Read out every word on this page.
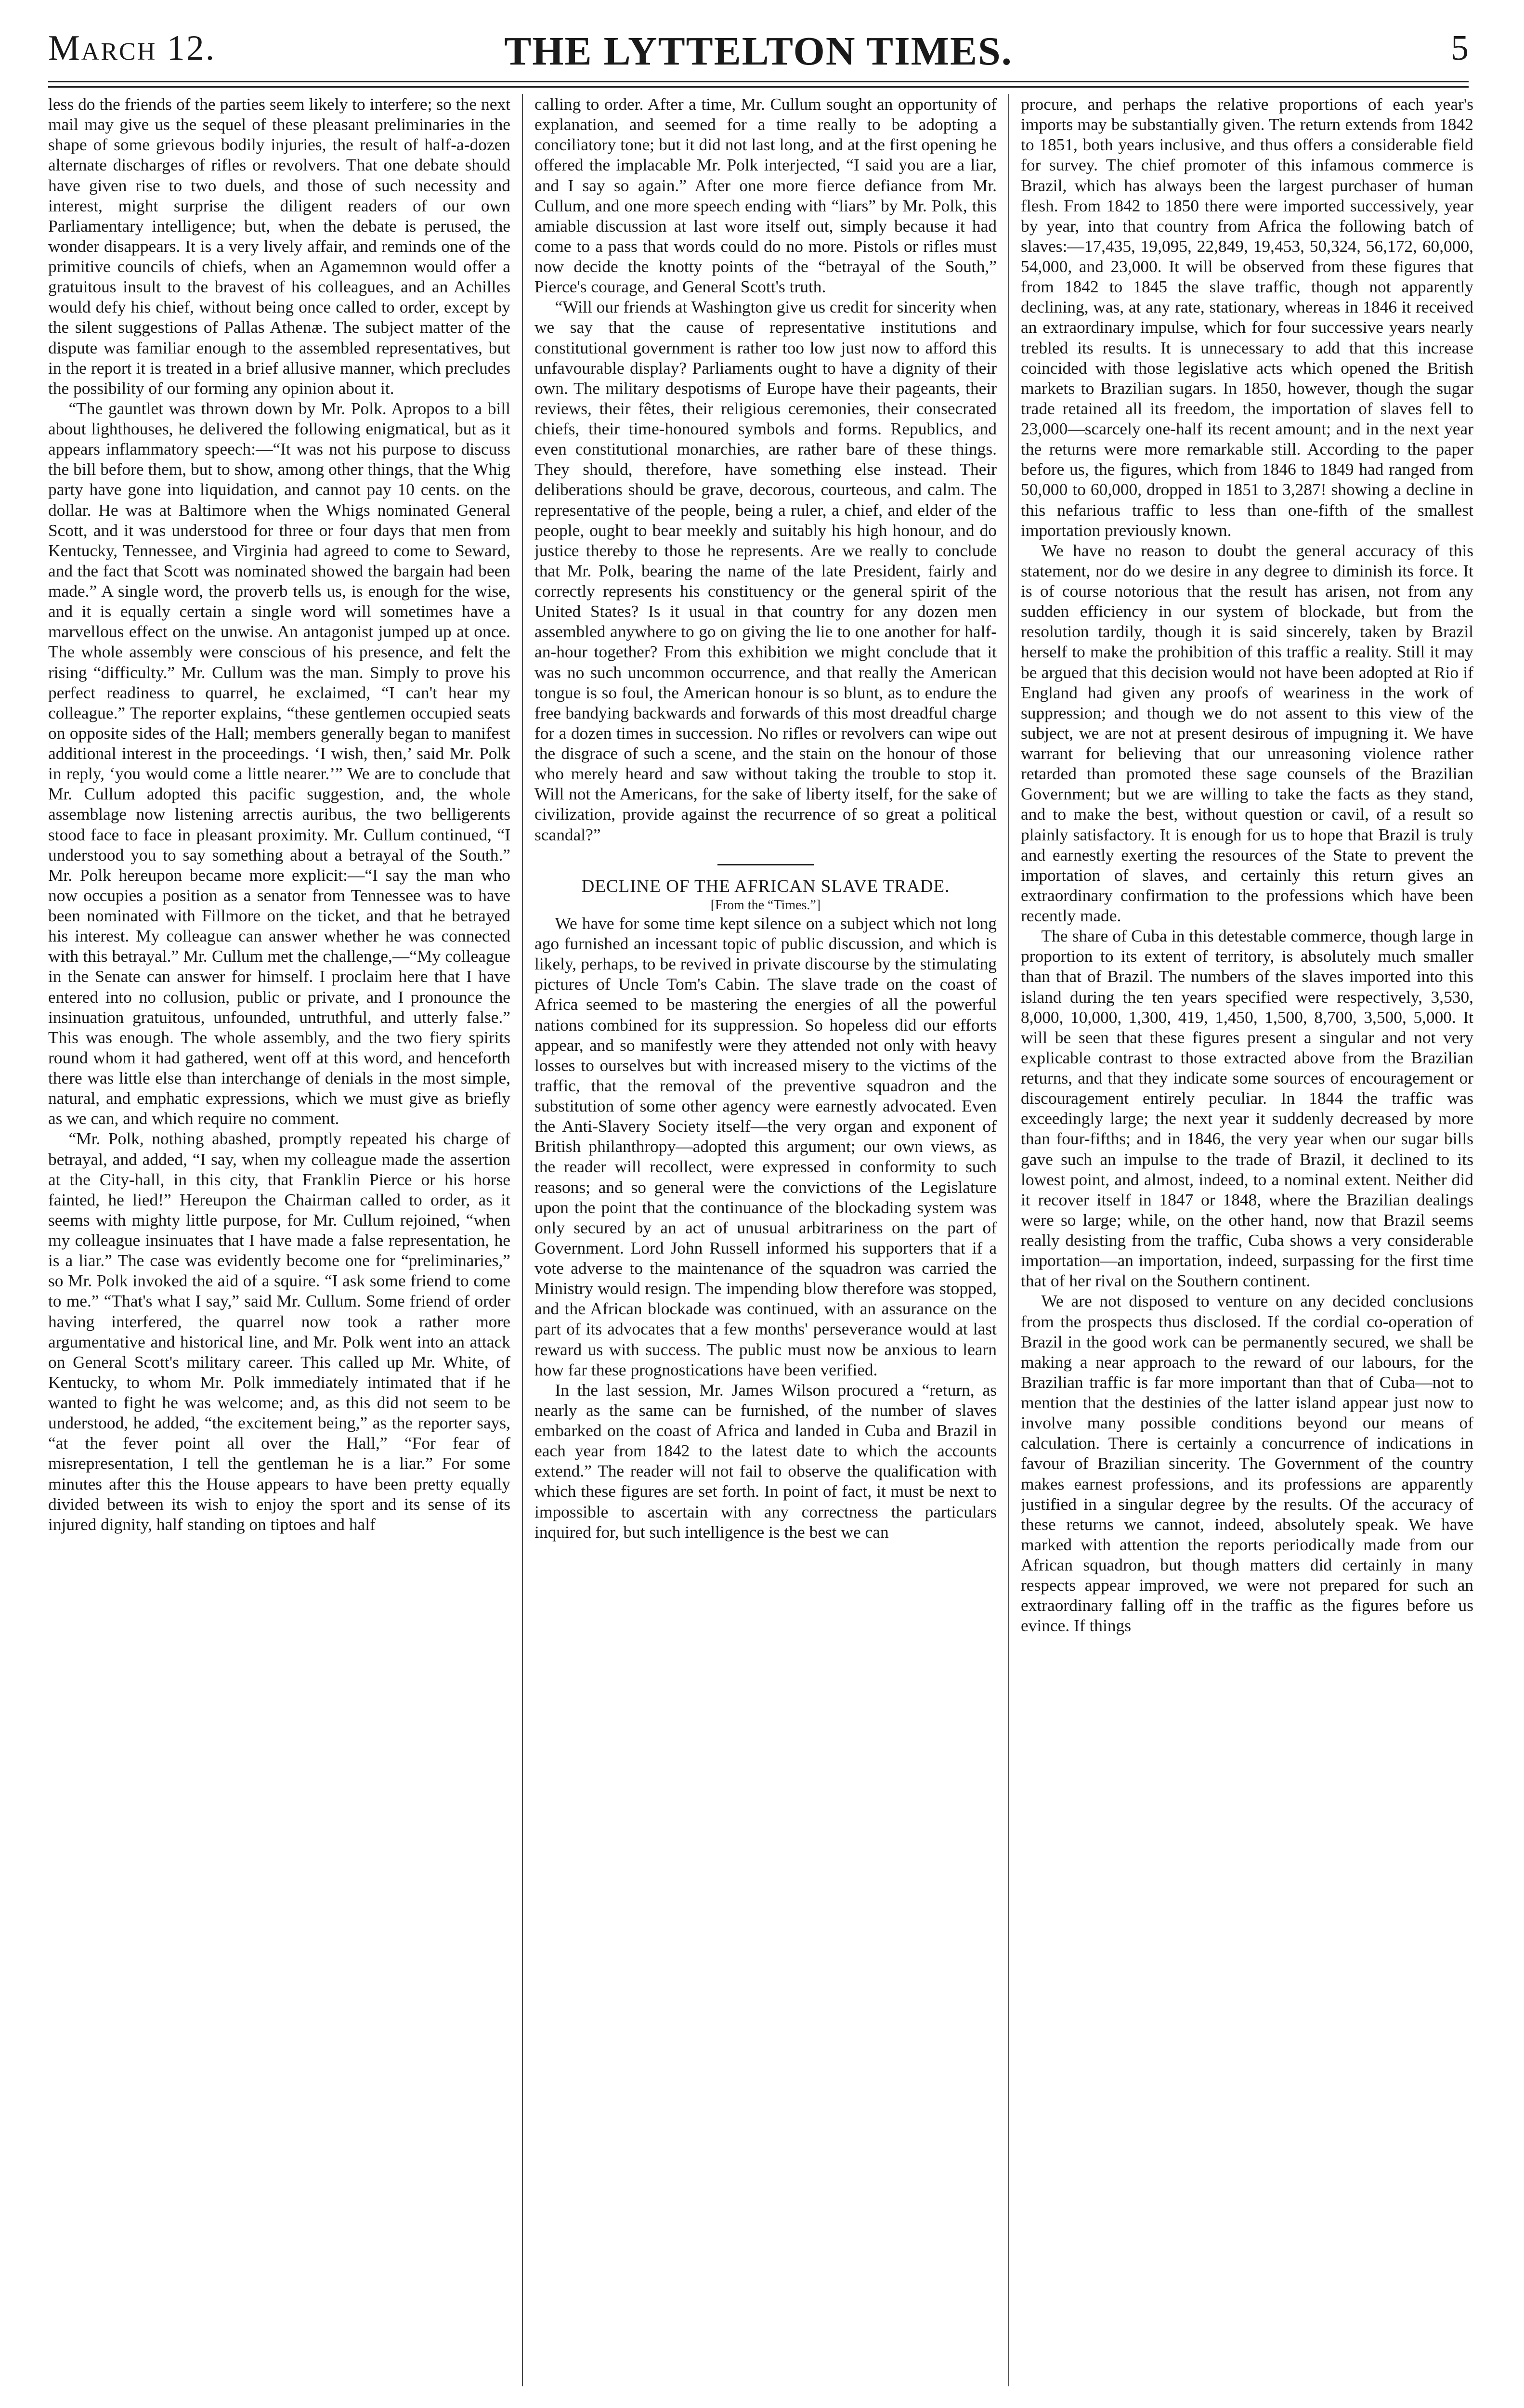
March 12.	THE LYTTELTON TIMES.	5

less do the friends of the parties seem likely to interfere; so the next mail may give us the sequel of these pleasant preliminaries in the shape of some grievous bodily injuries, the result of half-a-dozen alternate discharges of rifles or revolvers. That one debate should have given rise to two duels, and those of such necessity and interest, might surprise the diligent readers of our own Parliamentary intelligence; but, when the debate is perused, the wonder disappears. It is a very lively affair, and reminds one of the primitive councils of chiefs, when an Agamemnon would offer a gratuitous insult to the bravest of his colleagues, and an Achilles would defy his chief, without being once called to order, except by the silent suggestions of Pallas Athenæ. The subject matter of the dispute was familiar enough to the assembled representatives, but in the report it is treated in a brief allusive manner, which precludes the possibility of our forming any opinion about it.

“The gauntlet was thrown down by Mr. Polk. Apropos to a bill about lighthouses, he delivered the following enigmatical, but as it appears inflammatory speech:—“It was not his purpose to discuss the bill before them, but to show, among other things, that the Whig party have gone into liquidation, and cannot pay 10 cents. on the dollar. He was at Baltimore when the Whigs nominated General Scott, and it was understood for three or four days that men from Kentucky, Tennessee, and Virginia had agreed to come to Seward, and the fact that Scott was nominated showed the bargain had been made.” A single word, the proverb tells us, is enough for the wise, and it is equally certain a single word will sometimes have a marvellous effect on the unwise. An antagonist jumped up at once. The whole assembly were conscious of his presence, and felt the rising “difficulty.” Mr. Cullum was the man. Simply to prove his perfect readiness to quarrel, he exclaimed, “I can't hear my colleague.” The reporter explains, “these gentlemen occupied seats on opposite sides of the Hall; members generally began to manifest additional interest in the proceedings. ‘I wish, then,’ said Mr. Polk in reply, ‘you would come a little nearer.’” We are to conclude that Mr. Cullum adopted this pacific suggestion, and, the whole assemblage now listening arrectis auribus, the two belligerents stood face to face in pleasant proximity. Mr. Cullum continued, “I understood you to say something about a betrayal of the South.” Mr. Polk hereupon became more explicit:—“I say the man who now occupies a position as a senator from Tennessee was to have been nominated with Fillmore on the ticket, and that he betrayed his interest. My colleague can answer whether he was connected with this betrayal.” Mr. Cullum met the challenge,—“My colleague in the Senate can answer for himself. I proclaim here that I have entered into no collusion, public or private, and I pronounce the insinuation gratuitous, unfounded, untruthful, and utterly false.” This was enough. The whole assembly, and the two fiery spirits round whom it had gathered, went off at this word, and henceforth there was little else than interchange of denials in the most simple, natural, and emphatic expressions, which we must give as briefly as we can, and which require no comment.

“Mr. Polk, nothing abashed, promptly repeated his charge of betrayal, and added, “I say, when my colleague made the assertion at the City-hall, in this city, that Franklin Pierce or his horse fainted, he lied!” Hereupon the Chairman called to order, as it seems with mighty little purpose, for Mr. Cullum rejoined, “when my colleague insinuates that I have made a false representation, he is a liar.” The case was evidently become one for “preliminaries,” so Mr. Polk invoked the aid of a squire. “I ask some friend to come to me.” “That's what I say,” said Mr. Cullum. Some friend of order having interfered, the quarrel now took a rather more argumentative and historical line, and Mr. Polk went into an attack on General Scott's military career. This called up Mr. White, of Kentucky, to whom Mr. Polk immediately intimated that if he wanted to fight he was welcome; and, as this did not seem to be understood, he added, “the excitement being,” as the reporter says, “at the fever point all over the Hall,” “For fear of misrepresentation, I tell the gentleman he is a liar.” For some minutes after this the House appears to have been pretty equally divided between its wish to enjoy the sport and its sense of its injured dignity, half standing on tiptoes and half

calling to order. After a time, Mr. Cullum sought an opportunity of explanation, and seemed for a time really to be adopting a conciliatory tone; but it did not last long, and at the first opening he offered the implacable Mr. Polk interjected, “I said you are a liar, and I say so again.” After one more fierce defiance from Mr. Cullum, and one more speech ending with “liars” by Mr. Polk, this amiable discussion at last wore itself out, simply because it had come to a pass that words could do no more. Pistols or rifles must now decide the knotty points of the “betrayal of the South,” Pierce's courage, and General Scott's truth.

“Will our friends at Washington give us credit for sincerity when we say that the cause of representative institutions and constitutional government is rather too low just now to afford this unfavourable display? Parliaments ought to have a dignity of their own. The military despotisms of Europe have their pageants, their reviews, their fêtes, their religious ceremonies, their consecrated chiefs, their time-honoured symbols and forms. Republics, and even constitutional monarchies, are rather bare of these things. They should, therefore, have something else instead. Their deliberations should be grave, decorous, courteous, and calm. The representative of the people, being a ruler, a chief, and elder of the people, ought to bear meekly and suitably his high honour, and do justice thereby to those he represents. Are we really to conclude that Mr. Polk, bearing the name of the late President, fairly and correctly represents his constituency or the general spirit of the United States? Is it usual in that country for any dozen men assembled anywhere to go on giving the lie to one another for half-an-hour together? From this exhibition we might conclude that it was no such uncommon occurrence, and that really the American tongue is so foul, the American honour is so blunt, as to endure the free bandying backwards and forwards of this most dreadful charge for a dozen times in succession. No rifles or revolvers can wipe out the disgrace of such a scene, and the stain on the honour of those who merely heard and saw without taking the trouble to stop it. Will not the Americans, for the sake of liberty itself, for the sake of civilization, provide against the recurrence of so great a political scandal?”

DECLINE OF THE AFRICAN SLAVE TRADE.

[From the “Times.”]

We have for some time kept silence on a subject which not long ago furnished an incessant topic of public discussion, and which is likely, perhaps, to be revived in private discourse by the stimulating pictures of Uncle Tom's Cabin. The slave trade on the coast of Africa seemed to be mastering the energies of all the powerful nations combined for its suppression. So hopeless did our efforts appear, and so manifestly were they attended not only with heavy losses to ourselves but with increased misery to the victims of the traffic, that the removal of the preventive squadron and the substitution of some other agency were earnestly advocated. Even the Anti-Slavery Society itself—the very organ and exponent of British philanthropy—adopted this argument; our own views, as the reader will recollect, were expressed in conformity to such reasons; and so general were the convictions of the Legislature upon the point that the continuance of the blockading system was only secured by an act of unusual arbitrariness on the part of Government. Lord John Russell informed his supporters that if a vote adverse to the maintenance of the squadron was carried the Ministry would resign. The impending blow therefore was stopped, and the African blockade was continued, with an assurance on the part of its advocates that a few months' perseverance would at last reward us with success. The public must now be anxious to learn how far these prognostications have been verified.

In the last session, Mr. James Wilson procured a “return, as nearly as the same can be furnished, of the number of slaves embarked on the coast of Africa and landed in Cuba and Brazil in each year from 1842 to the latest date to which the accounts extend.” The reader will not fail to observe the qualification with which these figures are set forth. In point of fact, it must be next to impossible to ascertain with any correctness the particulars inquired for, but such intelligence is the best we can

procure, and perhaps the relative proportions of each year's imports may be substantially given. The return extends from 1842 to 1851, both years inclusive, and thus offers a considerable field for survey. The chief promoter of this infamous commerce is Brazil, which has always been the largest purchaser of human flesh. From 1842 to 1850 there were imported successively, year by year, into that country from Africa the following batch of slaves:—17,435, 19,095, 22,849, 19,453, 50,324, 56,172, 60,000, 54,000, and 23,000. It will be observed from these figures that from 1842 to 1845 the slave traffic, though not apparently declining, was, at any rate, stationary, whereas in 1846 it received an extraordinary impulse, which for four successive years nearly trebled its results. It is unnecessary to add that this increase coincided with those legislative acts which opened the British markets to Brazilian sugars. In 1850, however, though the sugar trade retained all its freedom, the importation of slaves fell to 23,000—scarcely one-half its recent amount; and in the next year the returns were more remarkable still. According to the paper before us, the figures, which from 1846 to 1849 had ranged from 50,000 to 60,000, dropped in 1851 to 3,287! showing a decline in this nefarious traffic to less than one-fifth of the smallest importation previously known.

We have no reason to doubt the general accuracy of this statement, nor do we desire in any degree to diminish its force. It is of course notorious that the result has arisen, not from any sudden efficiency in our system of blockade, but from the resolution tardily, though it is said sincerely, taken by Brazil herself to make the prohibition of this traffic a reality. Still it may be argued that this decision would not have been adopted at Rio if England had given any proofs of weariness in the work of suppression; and though we do not assent to this view of the subject, we are not at present desirous of impugning it. We have warrant for believing that our unreasoning violence rather retarded than promoted these sage counsels of the Brazilian Government; but we are willing to take the facts as they stand, and to make the best, without question or cavil, of a result so plainly satisfactory. It is enough for us to hope that Brazil is truly and earnestly exerting the resources of the State to prevent the importation of slaves, and certainly this return gives an extraordinary confirmation to the professions which have been recently made.

The share of Cuba in this detestable commerce, though large in proportion to its extent of territory, is absolutely much smaller than that of Brazil. The numbers of the slaves imported into this island during the ten years specified were respectively, 3,530, 8,000, 10,000, 1,300, 419, 1,450, 1,500, 8,700, 3,500, 5,000. It will be seen that these figures present a singular and not very explicable contrast to those extracted above from the Brazilian returns, and that they indicate some sources of encouragement or discouragement entirely peculiar. In 1844 the traffic was exceedingly large; the next year it suddenly decreased by more than four-fifths; and in 1846, the very year when our sugar bills gave such an impulse to the trade of Brazil, it declined to its lowest point, and almost, indeed, to a nominal extent. Neither did it recover itself in 1847 or 1848, where the Brazilian dealings were so large; while, on the other hand, now that Brazil seems really desisting from the traffic, Cuba shows a very considerable importation—an importation, indeed, surpassing for the first time that of her rival on the Southern continent.

We are not disposed to venture on any decided conclusions from the prospects thus disclosed. If the cordial co-operation of Brazil in the good work can be permanently secured, we shall be making a near approach to the reward of our labours, for the Brazilian traffic is far more important than that of Cuba—not to mention that the destinies of the latter island appear just now to involve many possible conditions beyond our means of calculation. There is certainly a concurrence of indications in favour of Brazilian sincerity. The Government of the country makes earnest professions, and its professions are apparently justified in a singular degree by the results. Of the accuracy of these returns we cannot, indeed, absolutely speak. We have marked with attention the reports periodically made from our African squadron, but though matters did certainly in many respects appear improved, we were not prepared for such an extraordinary falling off in the traffic as the figures before us evince. If things
